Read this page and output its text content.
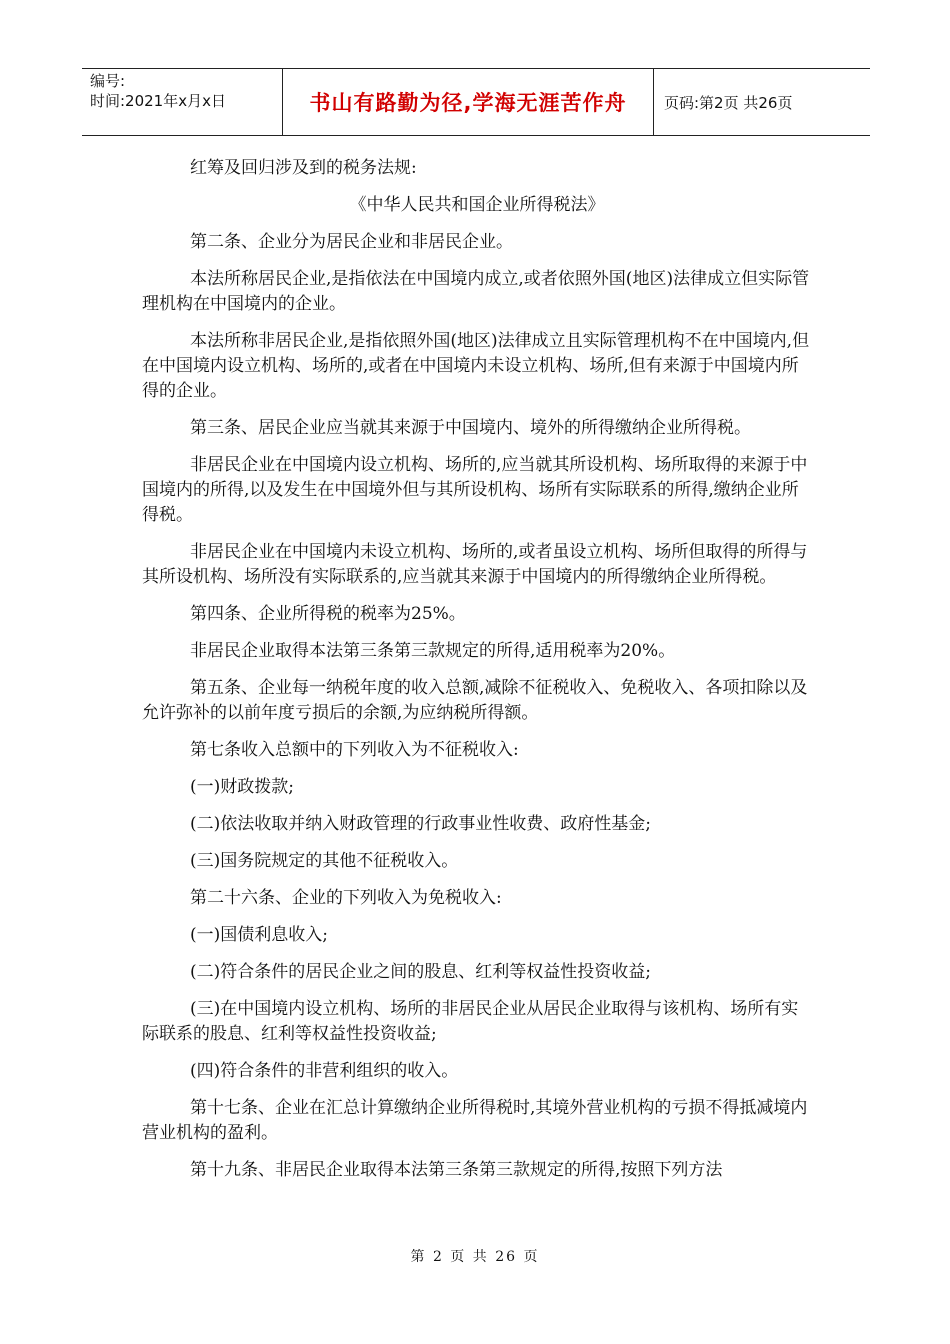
编号:
时间:2021年x月x日	书山有路勤为径,学海无涯苦作舟	页码:第2页 共26页

红筹及回归涉及到的税务法规:

《中华人民共和国企业所得税法》

第二条、企业分为居民企业和非居民企业。

本法所称居民企业,是指依法在中国境内成立,或者依照外国(地区)法律成立但实际管理机构在中国境内的企业。

本法所称非居民企业,是指依照外国(地区)法律成立且实际管理机构不在中国境内,但在中国境内设立机构、场所的,或者在中国境内未设立机构、场所,但有来源于中国境内所得的企业。

第三条、居民企业应当就其来源于中国境内、境外的所得缴纳企业所得税。

非居民企业在中国境内设立机构、场所的,应当就其所设机构、场所取得的来源于中国境内的所得,以及发生在中国境外但与其所设机构、场所有实际联系的所得,缴纳企业所得税。

非居民企业在中国境内未设立机构、场所的,或者虽设立机构、场所但取得的所得与其所设机构、场所没有实际联系的,应当就其来源于中国境内的所得缴纳企业所得税。

第四条、企业所得税的税率为25%。

非居民企业取得本法第三条第三款规定的所得,适用税率为20%。

第五条、企业每一纳税年度的收入总额,减除不征税收入、免税收入、各项扣除以及允许弥补的以前年度亏损后的余额,为应纳税所得额。

第七条收入总额中的下列收入为不征税收入:

(一)财政拨款;

(二)依法收取并纳入财政管理的行政事业性收费、政府性基金;

(三)国务院规定的其他不征税收入。

第二十六条、企业的下列收入为免税收入:

(一)国债利息收入;

(二)符合条件的居民企业之间的股息、红利等权益性投资收益;

(三)在中国境内设立机构、场所的非居民企业从居民企业取得与该机构、场所有实际联系的股息、红利等权益性投资收益;

(四)符合条件的非营利组织的收入。

第十七条、企业在汇总计算缴纳企业所得税时,其境外营业机构的亏损不得抵减境内营业机构的盈利。

第十九条、非居民企业取得本法第三条第三款规定的所得,按照下列方法

第 2 页 共 26 页
